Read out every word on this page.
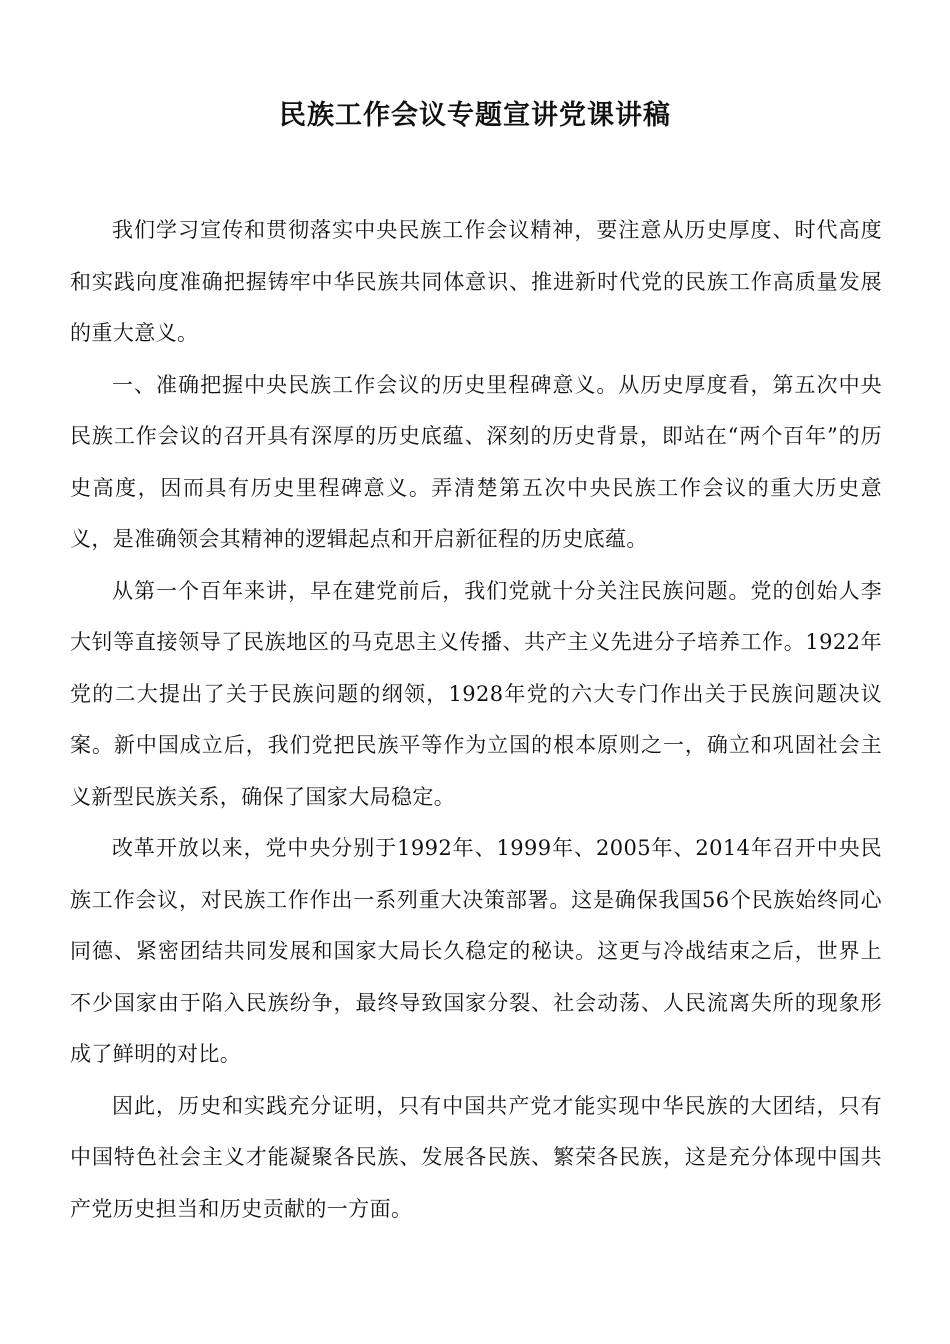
民族工作会议专题宣讲党课讲稿

我们学习宣传和贯彻落实中央民族工作会议精神，要注意从历史厚度、时代高度和实践向度准确把握铸牢中华民族共同体意识、推进新时代党的民族工作高质量发展的重大意义。

一、准确把握中央民族工作会议的历史里程碑意义。从历史厚度看，第五次中央民族工作会议的召开具有深厚的历史底蕴、深刻的历史背景，即站在“两个百年”的历史高度，因而具有历史里程碑意义。弄清楚第五次中央民族工作会议的重大历史意义，是准确领会其精神的逻辑起点和开启新征程的历史底蕴。

从第一个百年来讲，早在建党前后，我们党就十分关注民族问题。党的创始人李大钊等直接领导了民族地区的马克思主义传播、共产主义先进分子培养工作。1922年党的二大提出了关于民族问题的纲领，1928年党的六大专门作出关于民族问题决议案。新中国成立后，我们党把民族平等作为立国的根本原则之一，确立和巩固社会主义新型民族关系，确保了国家大局稳定。

改革开放以来，党中央分别于1992年、1999年、2005年、2014年召开中央民族工作会议，对民族工作作出一系列重大决策部署。这是确保我国56个民族始终同心同德、紧密团结共同发展和国家大局长久稳定的秘诀。这更与冷战结束之后，世界上不少国家由于陷入民族纷争，最终导致国家分裂、社会动荡、人民流离失所的现象形成了鲜明的对比。

因此，历史和实践充分证明，只有中国共产党才能实现中华民族的大团结，只有中国特色社会主义才能凝聚各民族、发展各民族、繁荣各民族，这是充分体现中国共产党历史担当和历史贡献的一方面。
